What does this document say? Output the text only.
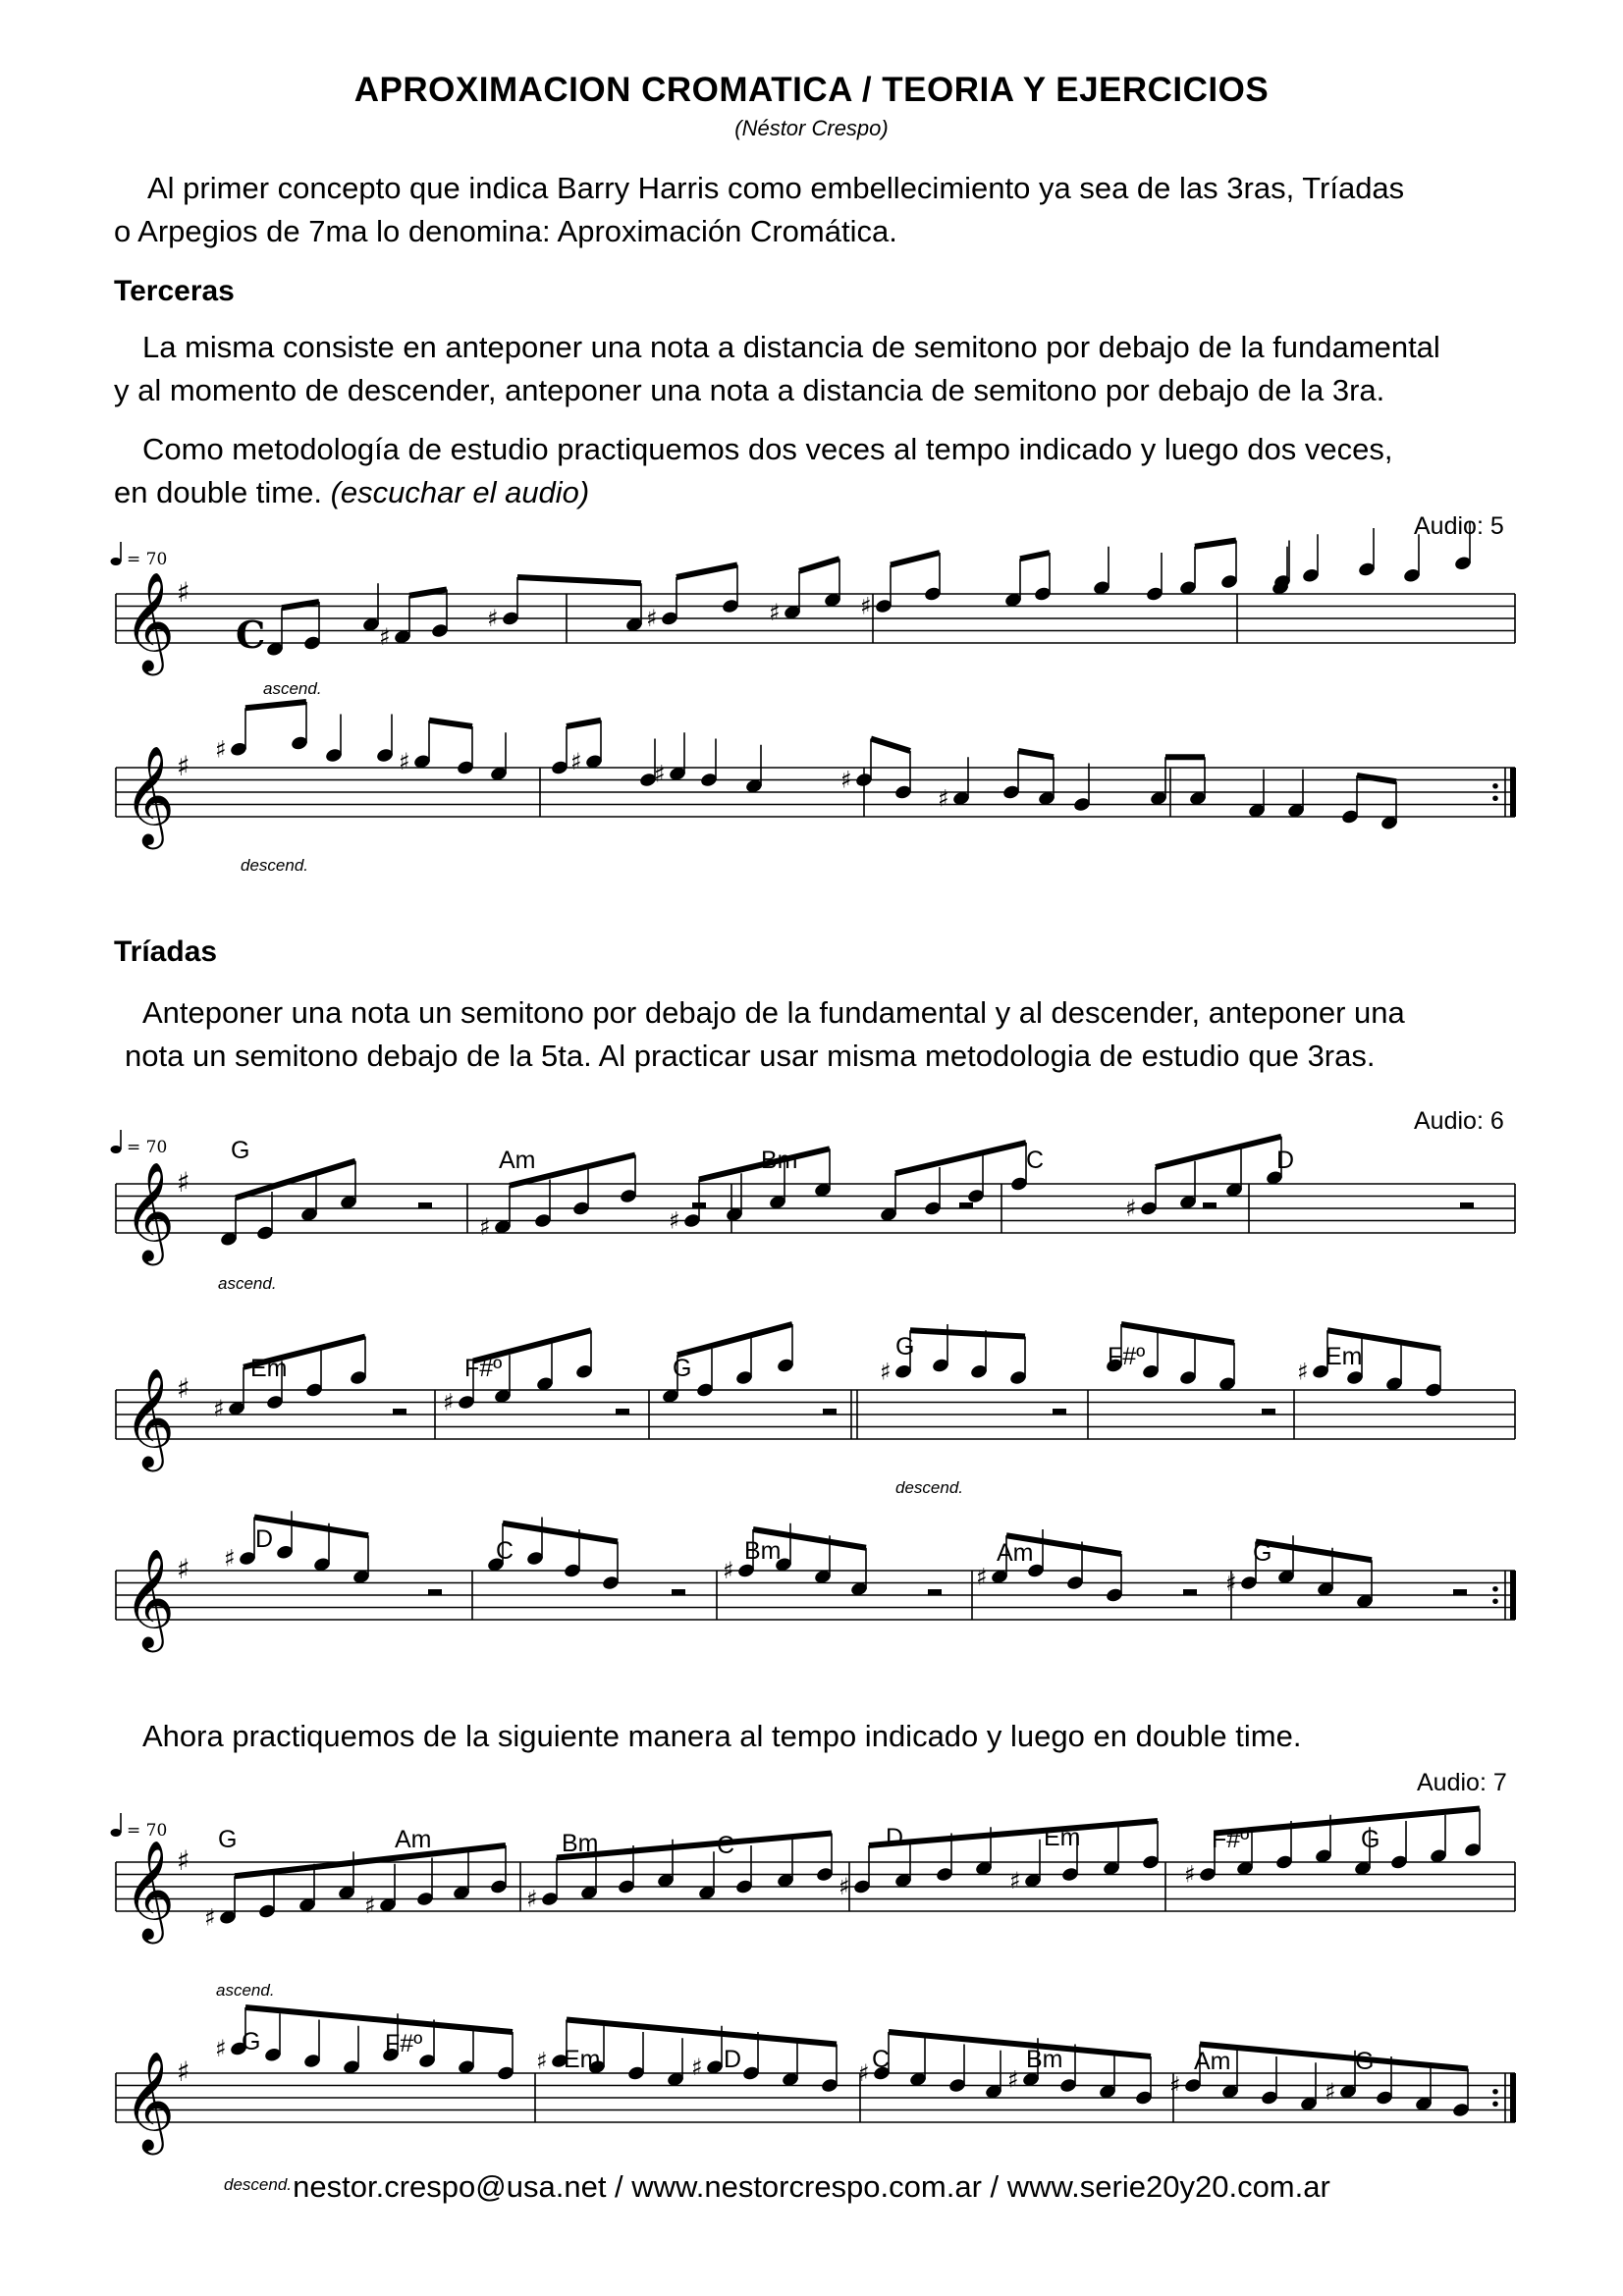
APROXIMACION CROMATICA / TEORIA Y EJERCICIOS
(Néstor Crespo)
Al primer concepto que indica Barry Harris como embellecimiento ya sea de las 3ras, Tríadas
o Arpegios de 7ma lo denomina: Aproximación Cromática.
Terceras
La misma consiste en anteponer una nota a distancia de semitono por debajo de la fundamental
y al momento de descender, anteponer una nota a distancia de semitono por debajo de la 3ra.
Como metodología de estudio practiquemos dos veces al tempo indicado y luego dos veces,
en double time. (escuchar el audio)
Audio: 5
Tríadas
Anteponer una nota un semitono por debajo de la fundamental y al descender, anteponer una
nota un semitono debajo de la 5ta. Al practicar usar misma metodologia de estudio que 3ras.
Audio: 6
Ahora practiquemos de la siguiente manera al tempo indicado y luego en double time.
Audio: 7
nestor.crespo@usa.net / www.nestorcrespo.com.ar / www.serie20y20.com.ar
𝄞 ♯
𝄞 ♯
𝄞 ♯
𝄞 ♯
𝄞 ♯
𝄞 ♯
𝄞 ♯
♯
♯	♯	♯	♯
♯	♯	♯	♯	♯
♯
♯	♯	♯
♯	♯
♯	♯
♯	♯	♯	♯
♯	♯	♯	♯	♯	♯
♯	♯	♯	♯	♯	♯	♯
ascend.
descend.
ascend.
descend.
ascend.
descend.
= 70
= 70
= 70
C
G	Am	Bm	C	D
Em	F#º	G
G	F#º	Em
D	C	Bm	Am	G
G	Am	Bm	C	D	Em	F#º	G
G	F#º
Em	D	C	Bm	Am	G
